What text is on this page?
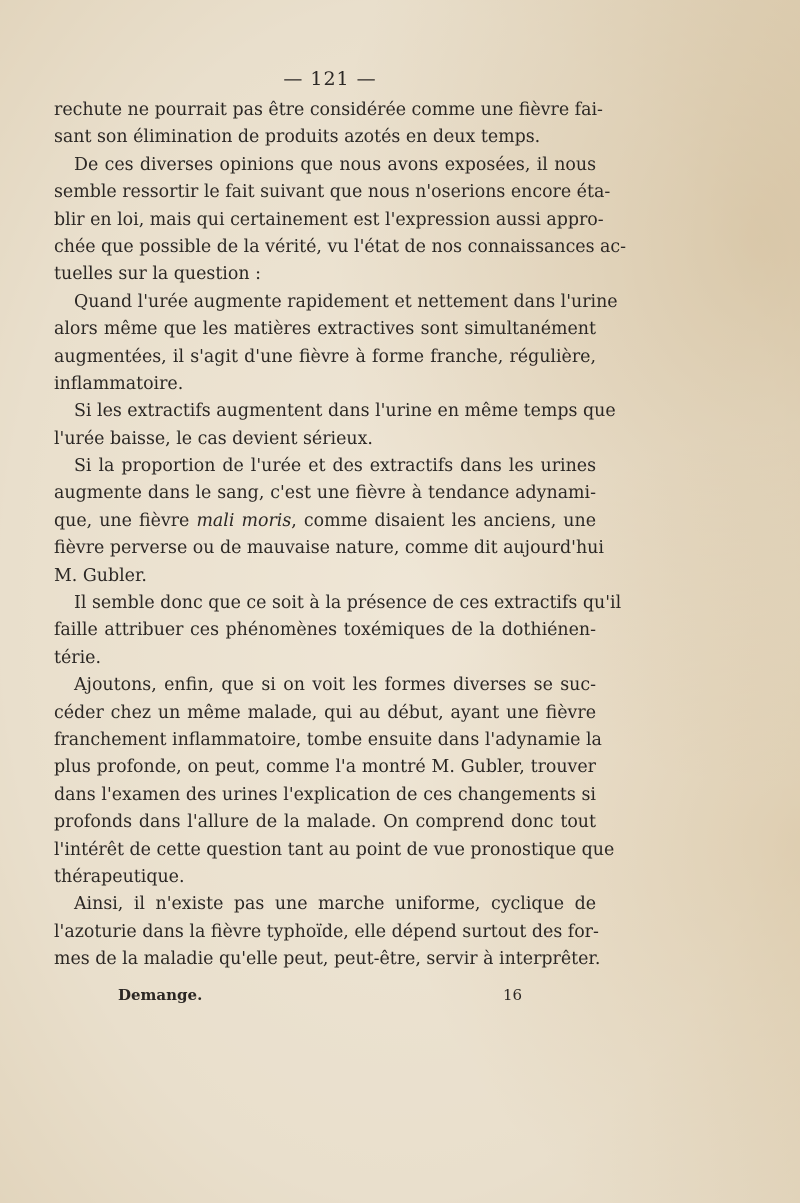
— 121 —
rechute ne pourrait pas être considérée comme une fièvre fai-
sant son élimination de produits azotés en deux temps.
De ces diverses opinions que nous avons exposées, il nous
semble ressortir le fait suivant que nous n'oserions encore éta-
blir en loi, mais qui certainement est l'expression aussi appro-
chée que possible de la vérité, vu l'état de nos connaissances ac-
tuelles sur la question :
Quand l'urée augmente rapidement et nettement dans l'urine
alors même que les matières extractives sont simultanément
augmentées, il s'agit d'une fièvre à forme franche, régulière,
inflammatoire.
Si les extractifs augmentent dans l'urine en même temps que
l'urée baisse, le cas devient sérieux.
Si la proportion de l'urée et des extractifs dans les urines
augmente dans le sang, c'est une fièvre à tendance adynami-
que, une fièvre mali moris, comme disaient les anciens, une
fièvre perverse ou de mauvaise nature, comme dit aujourd'hui
M. Gubler.
Il semble donc que ce soit à la présence de ces extractifs qu'il
faille attribuer ces phénomènes toxémiques de la dothiénen-
térie.
Ajoutons, enfin, que si on voit les formes diverses se suc-
céder chez un même malade, qui au début, ayant une fièvre
franchement inflammatoire, tombe ensuite dans l'adynamie la
plus profonde, on peut, comme l'a montré M. Gubler, trouver
dans l'examen des urines l'explication de ces changements si
profonds dans l'allure de la malade. On comprend donc tout
l'intérêt de cette question tant au point de vue pronostique que
thérapeutique.
Ainsi, il n'existe pas une marche uniforme, cyclique de
l'azoturie dans la fièvre typhoïde, elle dépend surtout des for-
mes de la maladie qu'elle peut, peut-être, servir à interprêter.
Demange.	16
